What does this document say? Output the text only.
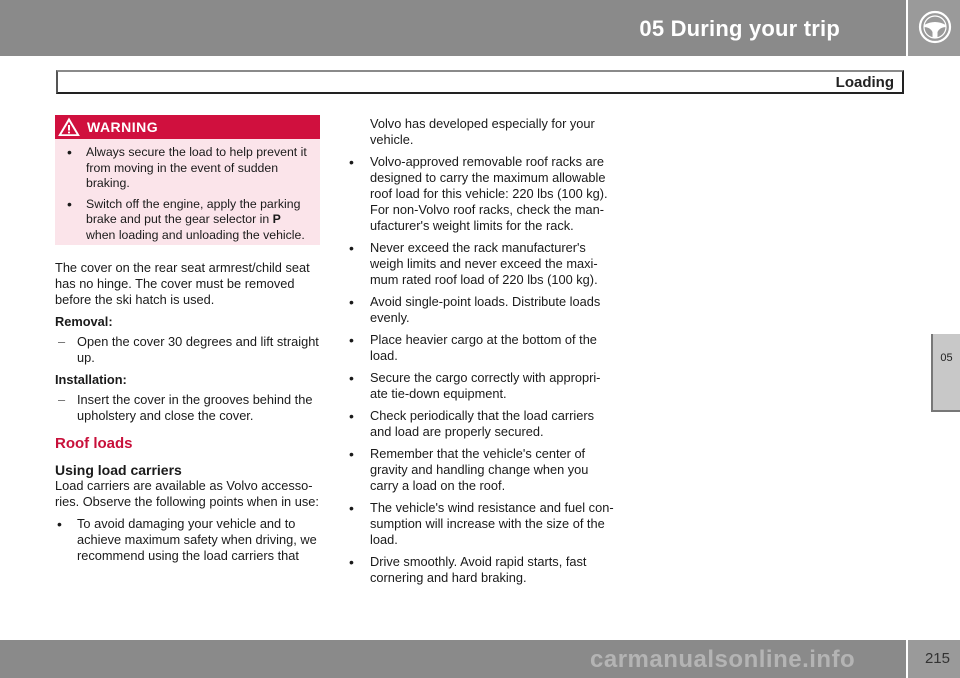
05 During your trip
Loading
05
WARNING
• Always secure the load to help prevent it from moving in the event of sudden braking.
• Switch off the engine, apply the parking brake and put the gear selector in P when loading and unloading the vehicle.

The cover on the rear seat armrest/child seat has no hinge. The cover must be removed before the ski hatch is used.

Removal:
– Open the cover 30 degrees and lift straight up.
Installation:
– Insert the cover in the grooves behind the upholstery and close the cover.
Roof loads
Using load carriers

Load carriers are available as Volvo accesso-ries. Observe the following points when in use:

• To avoid damaging your vehicle and to achieve maximum safety when driving, we recommend using the load carriers that
Volvo has developed especially for your vehicle.
• Volvo-approved removable roof racks are designed to carry the maximum allowable roof load for this vehicle: 220 lbs (100 kg). For non-Volvo roof racks, check the man-ufacturer's weight limits for the rack.
• Never exceed the rack manufacturer's weigh limits and never exceed the maxi-mum rated roof load of 220 lbs (100 kg).
• Avoid single-point loads. Distribute loads evenly.
• Place heavier cargo at the bottom of the load.
• Secure the cargo correctly with appropri-ate tie-down equipment.
• Check periodically that the load carriers and load are properly secured.
• Remember that the vehicle's center of gravity and handling change when you carry a load on the roof.
• The vehicle's wind resistance and fuel con-sumption will increase with the size of the load.
• Drive smoothly. Avoid rapid starts, fast cornering and hard braking.
carmanualsonline.info	215
